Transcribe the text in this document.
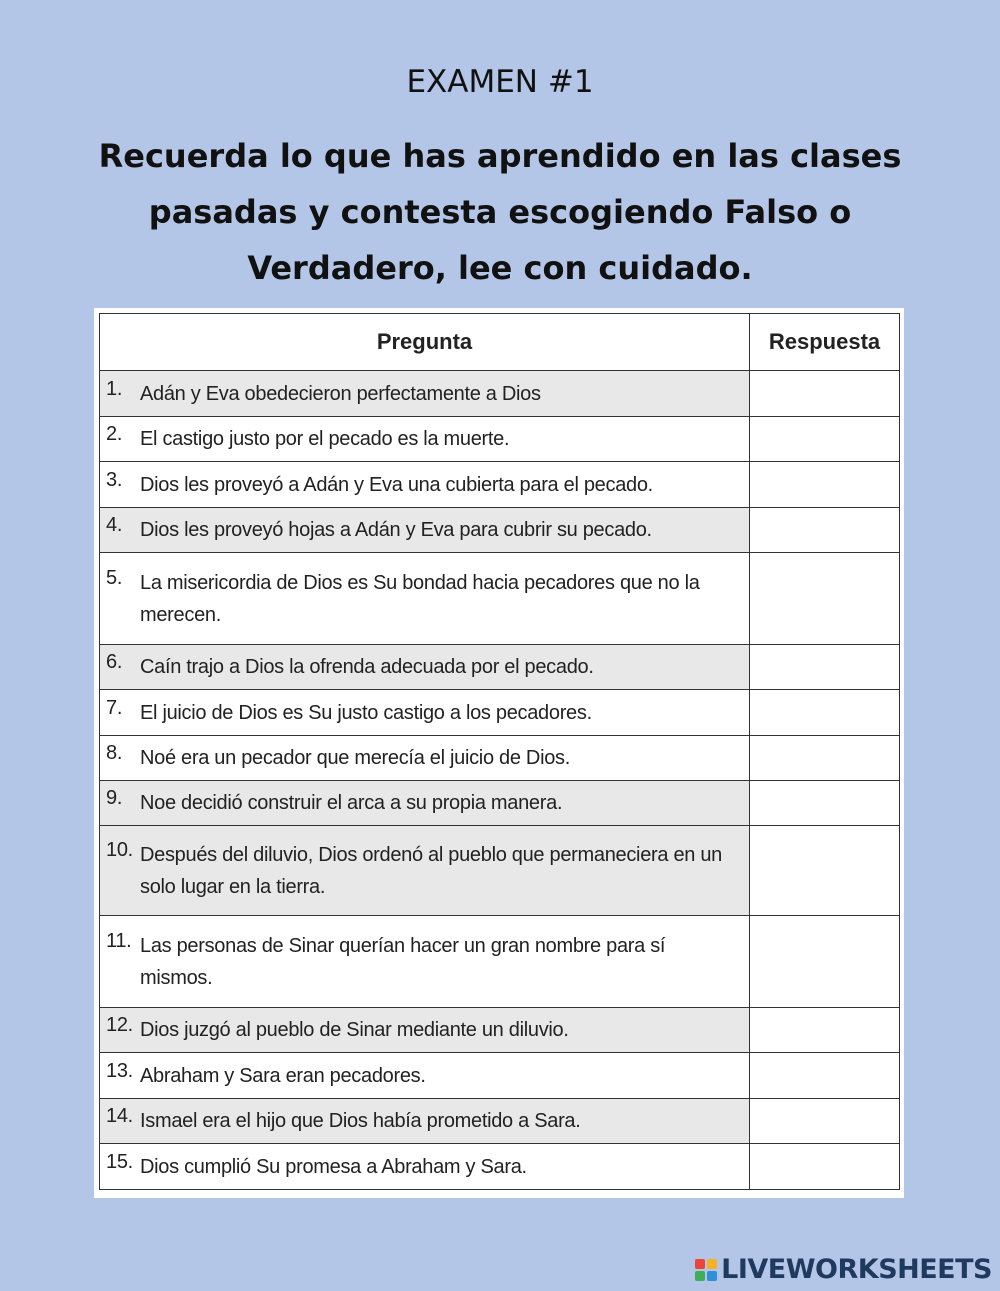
EXAMEN #1
Recuerda lo que has aprendido en las clases pasadas y contesta escogiendo Falso o Verdadero, lee con cuidado.
Pregunta	Respuesta
1. Adán y Eva obedecieron perfectamente a Dios	
2. El castigo justo por el pecado es la muerte.	
3. Dios les proveyó a Adán y Eva una cubierta para el pecado.	
4. Dios les proveyó hojas a Adán y Eva para cubrir su pecado.	
5. La misericordia de Dios es Su bondad hacia pecadores que no la merecen.	
6. Caín trajo a Dios la ofrenda adecuada por el pecado.	
7. El juicio de Dios es Su justo castigo a los pecadores.	
8. Noé era un pecador que merecía el juicio de Dios.	
9. Noe decidió construir el arca a su propia manera.	
10. Después del diluvio, Dios ordenó al pueblo que permaneciera en un solo lugar en la tierra.	
11. Las personas de Sinar querían hacer un gran nombre para sí mismos.	
12. Dios juzgó al pueblo de Sinar mediante un diluvio.	
13. Abraham y Sara eran pecadores.	
14. Ismael era el hijo que Dios había prometido a Sara.	
15. Dios cumplió Su promesa a Abraham y Sara.	
LIVEWORKSHEETS
